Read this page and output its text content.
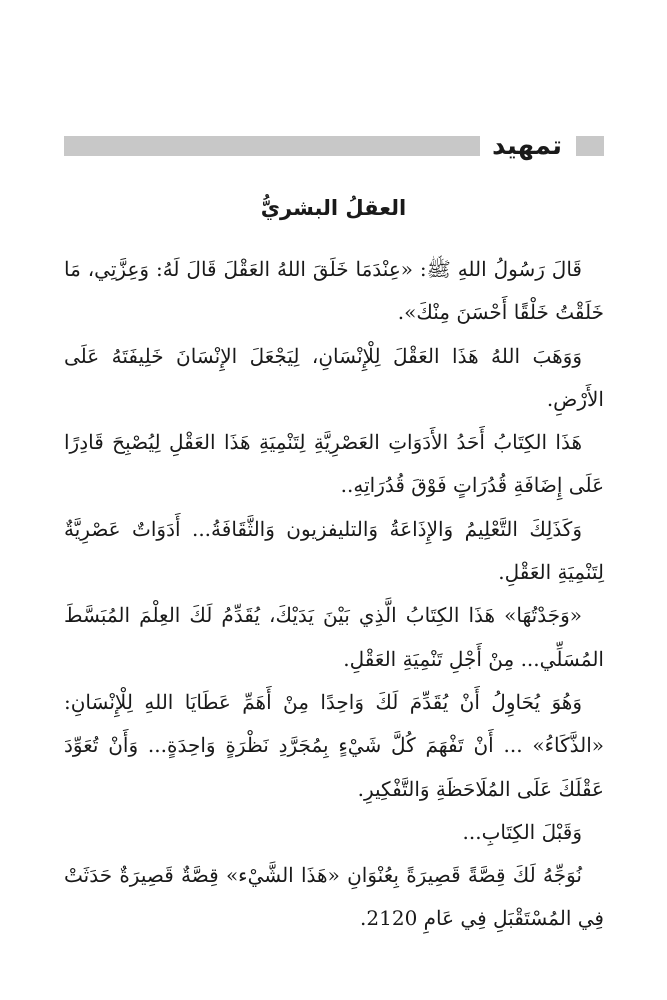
تمهيد
العقلُ البشريُّ

قَالَ رَسُولُ اللهِ ﷺ: «عِنْدَمَا خَلَقَ اللهُ العَقْلَ قَالَ لَهُ: وَعِزَّتِي، مَا خَلَقْتُ خَلْقًا أَحْسَنَ مِنْكَ».

وَوَهَبَ اللهُ هَذَا العَقْلَ لِلْإِنْسَانِ، لِيَجْعَلَ الإِنْسَانَ خَلِيفَتَهُ عَلَى الأَرْضِ.

هَذَا الكِتَابُ أَحَدُ الأَدَوَاتِ العَصْرِيَّةِ لِتَنْمِيَةِ هَذَا العَقْلِ لِيُصْبِحَ قَادِرًا عَلَى إِضَافَةِ قُدُرَاتٍ فَوْقَ قُدُرَاتِهِ..

وَكَذَلِكَ التَّعْلِيمُ وَالإِذَاعَةُ وَالتليفزيون وَالثَّقَافَةُ... أَدَوَاتٌ عَصْرِيَّةٌ لِتَنْمِيَةِ العَقْلِ.

«وَجَدْتُهَا» هَذَا الكِتَابُ الَّذِي بَيْنَ يَدَيْكَ، يُقَدِّمُ لَكَ العِلْمَ المُبَسَّطَ المُسَلِّي... مِنْ أَجْلِ تَنْمِيَةِ العَقْلِ.

وَهُوَ يُحَاوِلُ أَنْ يُقَدِّمَ لَكَ وَاحِدًا مِنْ أَهَمِّ عَطَايَا اللهِ لِلْإِنْسَانِ: «الذَّكَاءُ» ... أَنْ تَفْهَمَ كُلَّ شَيْءٍ بِمُجَرَّدِ نَظْرَةٍ وَاحِدَةٍ... وَأَنْ تُعَوِّدَ عَقْلَكَ عَلَى المُلَاحَظَةِ وَالتَّفْكِيرِ.

وَقَبْلَ الكِتَابِ...

نُوَجِّهُ لَكَ قِصَّةً قَصِيرَةً بِعُنْوَانِ «هَذَا الشَّيْء» قِصَّةٌ قَصِيرَةٌ حَدَثَتْ فِي المُسْتَقْبَلِ فِي عَامِ 2120.
